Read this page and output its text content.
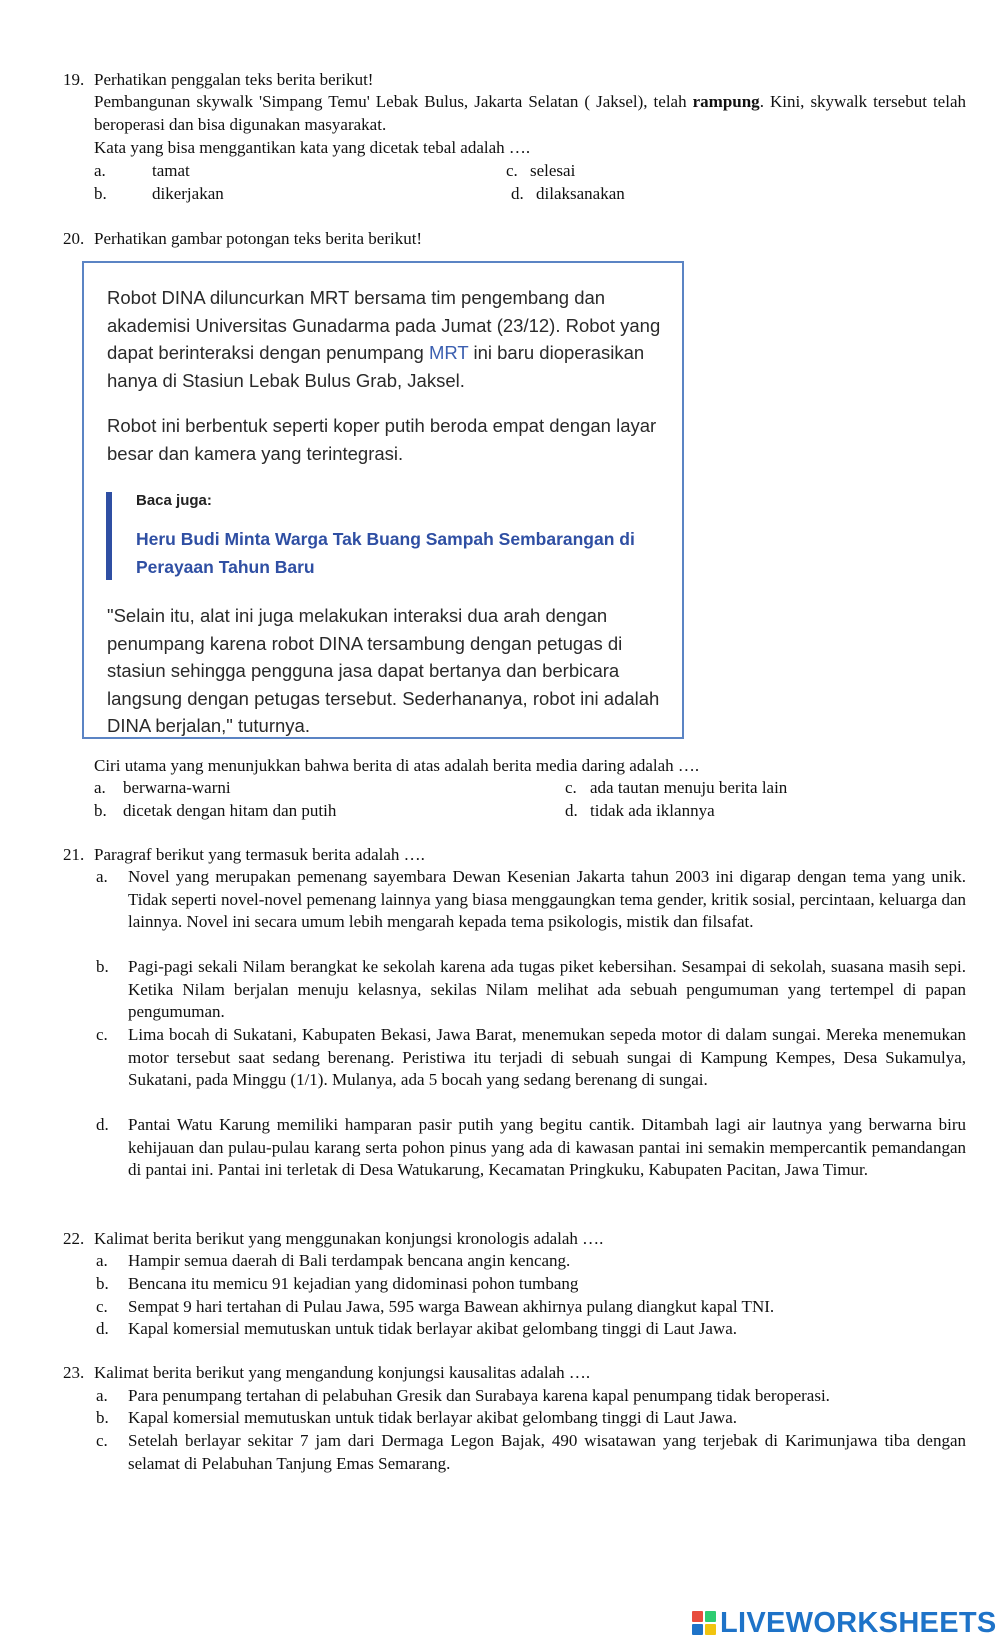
19. Perhatikan penggalan teks berita berikut!
Pembangunan skywalk 'Simpang Temu' Lebak Bulus, Jakarta Selatan ( Jaksel), telah rampung. Kini, skywalk tersebut telah beroperasi dan bisa digunakan masyarakat.
Kata yang bisa menggantikan kata yang dicetak tebal adalah ….
a.	tamat
b.	dikerjakan
c. selesai
d. dilaksanakan
20. Perhatikan gambar potongan teks berita berikut!
Robot DINA diluncurkan MRT bersama tim pengembang dan akademisi Universitas Gunadarma pada Jumat (23/12). Robot yang dapat berinteraksi dengan penumpang MRT ini baru dioperasikan hanya di Stasiun Lebak Bulus Grab, Jaksel.
Robot ini berbentuk seperti koper putih beroda empat dengan layar besar dan kamera yang terintegrasi.
Baca juga:
Heru Budi Minta Warga Tak Buang Sampah Sembarangan di Perayaan Tahun Baru
"Selain itu, alat ini juga melakukan interaksi dua arah dengan penumpang karena robot DINA tersambung dengan petugas di stasiun sehingga pengguna jasa dapat bertanya dan berbicara langsung dengan petugas tersebut. Sederhananya, robot ini adalah DINA berjalan," tuturnya.
Ciri utama yang menunjukkan bahwa berita di atas adalah berita media daring adalah ….
a. berwarna-warni
b. dicetak dengan hitam dan putih
c. ada tautan menuju berita lain
d. tidak ada iklannya
21. Paragraf berikut yang termasuk berita adalah ….
a. Novel yang merupakan pemenang sayembara Dewan Kesenian Jakarta tahun 2003 ini digarap dengan tema yang unik. Tidak seperti novel-novel pemenang lainnya yang biasa menggaungkan tema gender, kritik sosial, percintaan, keluarga dan lainnya. Novel ini secara umum lebih mengarah kepada tema psikologis, mistik dan filsafat.
b. Pagi-pagi sekali Nilam berangkat ke sekolah karena ada tugas piket kebersihan. Sesampai di sekolah, suasana masih sepi. Ketika Nilam berjalan menuju kelasnya, sekilas Nilam melihat ada sebuah pengumuman yang tertempel di papan pengumuman.
c. Lima bocah di Sukatani, Kabupaten Bekasi, Jawa Barat, menemukan sepeda motor di dalam sungai. Mereka menemukan motor tersebut saat sedang berenang. Peristiwa itu terjadi di sebuah sungai di Kampung Kempes, Desa Sukamulya, Sukatani, pada Minggu (1/1). Mulanya, ada 5 bocah yang sedang berenang di sungai.
d. Pantai Watu Karung memiliki hamparan pasir putih yang begitu cantik. Ditambah lagi air lautnya yang berwarna biru kehijauan dan pulau-pulau karang serta pohon pinus yang ada di kawasan pantai ini semakin mempercantik pemandangan di pantai ini. Pantai ini terletak di Desa Watukarung, Kecamatan Pringkuku, Kabupaten Pacitan, Jawa Timur.
22. Kalimat berita berikut yang menggunakan konjungsi kronologis adalah ….
a. Hampir semua daerah di Bali terdampak bencana angin kencang.
b. Bencana itu memicu 91 kejadian yang didominasi pohon tumbang
c. Sempat 9 hari tertahan di Pulau Jawa, 595 warga Bawean akhirnya pulang diangkut kapal TNI.
d. Kapal komersial memutuskan untuk tidak berlayar akibat gelombang tinggi di Laut Jawa.
23. Kalimat berita berikut yang mengandung konjungsi kausalitas adalah ….
a. Para penumpang tertahan di pelabuhan Gresik dan Surabaya karena kapal penumpang tidak beroperasi.
b. Kapal komersial memutuskan untuk tidak berlayar akibat gelombang tinggi di Laut Jawa.
c. Setelah berlayar sekitar 7 jam dari Dermaga Legon Bajak, 490 wisatawan yang terjebak di Karimunjawa tiba dengan selamat di Pelabuhan Tanjung Emas Semarang.
LIVEWORKSHEETS
